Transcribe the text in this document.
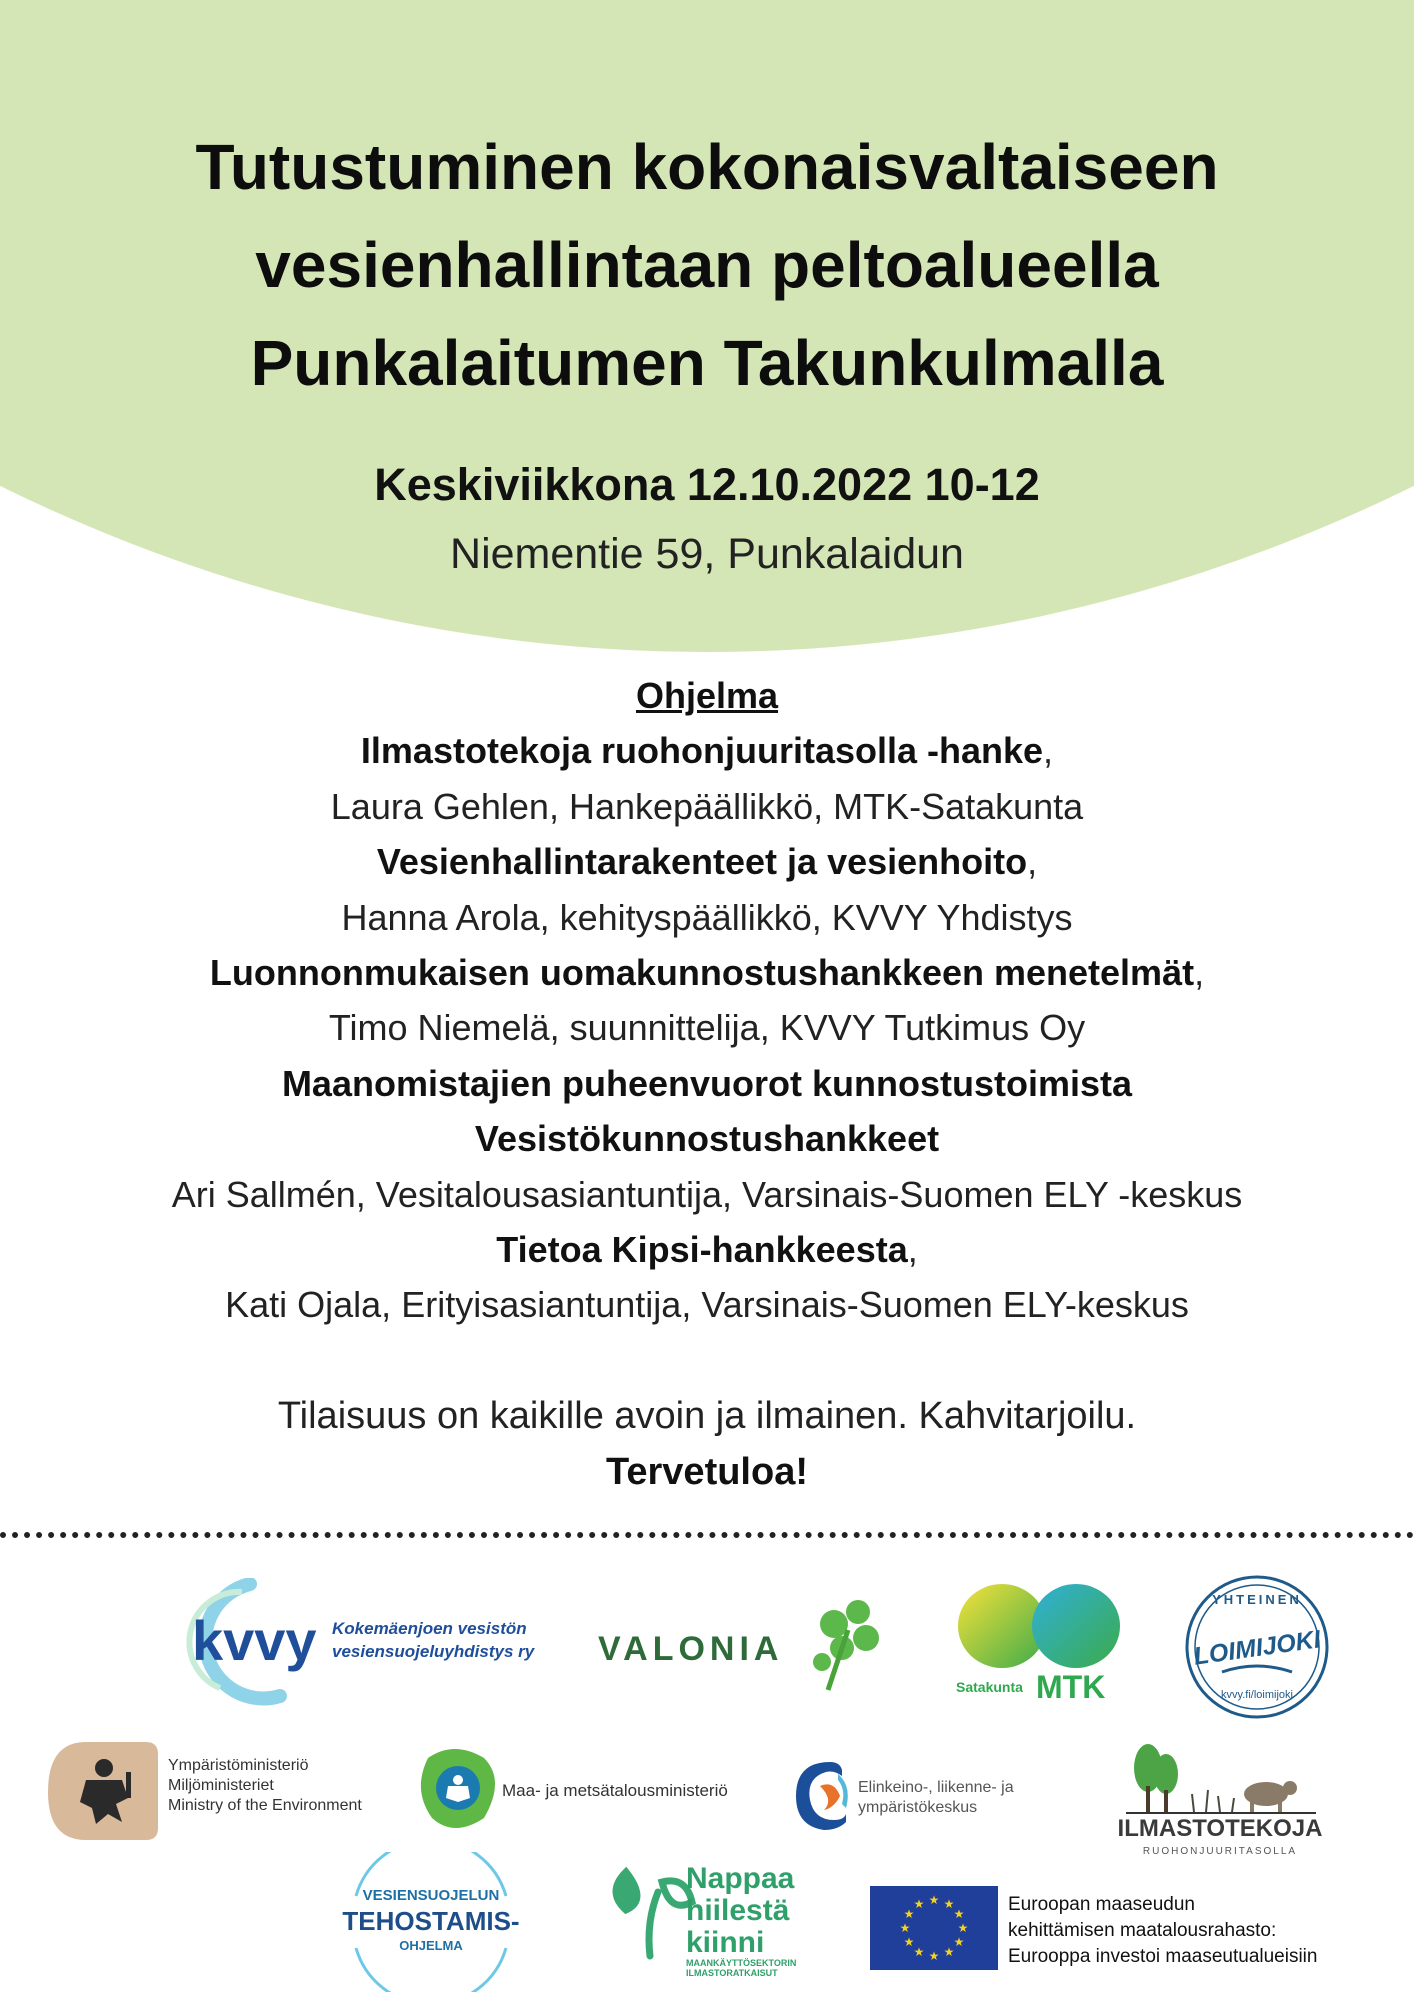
Tutustuminen kokonaisvaltaiseen
vesienhallintaan peltoalueella
Punkalaitumen Takunkulmalla
Keskiviikkona 12.10.2022 10-12
Niementie 59, Punkalaidun
Ohjelma
Ilmastotekoja ruohonjuuritasolla -hanke,
Laura Gehlen, Hankepäällikkö, MTK-Satakunta
Vesienhallintarakenteet ja vesienhoito,
Hanna Arola, kehityspäällikkö, KVVY Yhdistys
Luonnonmukaisen uomakunnostushankkeen menetelmät,
Timo Niemelä, suunnittelija, KVVY Tutkimus Oy
Maanomistajien puheenvuorot kunnostustoimista
Vesistökunnostushankkeet
Ari Sallmén, Vesitalousasiantuntija, Varsinais-Suomen ELY -keskus
Tietoa Kipsi-hankkeesta,
Kati Ojala, Erityisasiantuntija, Varsinais-Suomen ELY-keskus
Tilaisuus on kaikille avoin ja ilmainen. Kahvitarjoilu.
Tervetuloa!
kvvy Kokemäenjoen vesistön
vesiensuojeluyhdistys ry VALONIA
Satakunta MTK
YHTEINEN
LOIMIJOKI
kvvy.fi/loimijoki
Ympäristöministeriö
Miljöministeriet
Ministry of the Environment
Maa- ja metsätalousministeriö	Elinkeino-, liikenne- ja
ympäristökeskus
ILMASTOTEKOJA
RUOHONJUURITASOLLA
VESIENSUOJELUN
TEHOSTAMIS-
OHJELMA
Nappaa
hiilestä
kiinni
MAANKÄYTTÖSEKTORIN
ILMASTORATKAISUT
★ ★
★
★
★
★
★
★
★
★
★
★	Euroopan maaseudun
kehittämisen maatalousrahasto:
Eurooppa investoi maaseutualueisiin
